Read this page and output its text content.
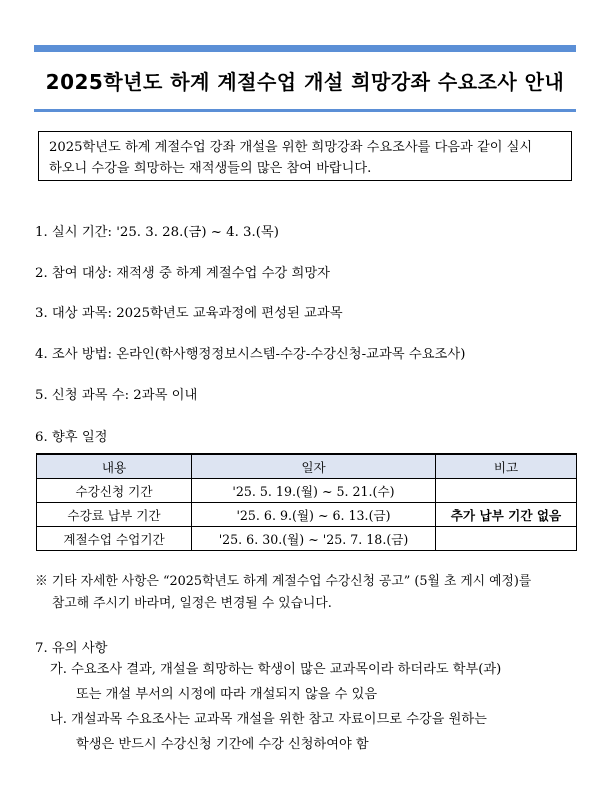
2025학년도 하계 계절수업 개설 희망강좌 수요조사 안내
2025학년도 하계 계절수업 강좌 개설을 위한 희망강좌 수요조사를 다음과 같이 실시
하오니 수강을 희망하는 재적생들의 많은 참여 바랍니다.
1. 실시 기간: '25. 3. 28.(금) ~ 4. 3.(목)
2. 참여 대상: 재적생 중 하계 계절수업 수강 희망자
3. 대상 과목: 2025학년도 교육과정에 편성된 교과목
4. 조사 방법: 온라인(학사행정정보시스템-수강-수강신청-교과목 수요조사)
5. 신청 과목 수: 2과목 이내
6. 향후 일정
내용	일자	비고
수강신청 기간	'25. 5. 19.(월) ~ 5. 21.(수)	
수강료 납부 기간	'25. 6. 9.(월) ~ 6. 13.(금)	추가 납부 기간 없음
계절수업 수업기간	'25. 6. 30.(월) ~ '25. 7. 18.(금)	
※ 기타 자세한 사항은 “2025학년도 하계 계절수업 수강신청 공고” (5월 초 게시 예정)를
참고해 주시기 바라며, 일정은 변경될 수 있습니다.
7. 유의 사항
가. 수요조사 결과, 개설을 희망하는 학생이 많은 교과목이라 하더라도 학부(과)
또는 개설 부서의 시정에 따라 개설되지 않을 수 있음
나. 개설과목 수요조사는 교과목 개설을 위한 참고 자료이므로 수강을 원하는
학생은 반드시 수강신청 기간에 수강 신청하여야 함
